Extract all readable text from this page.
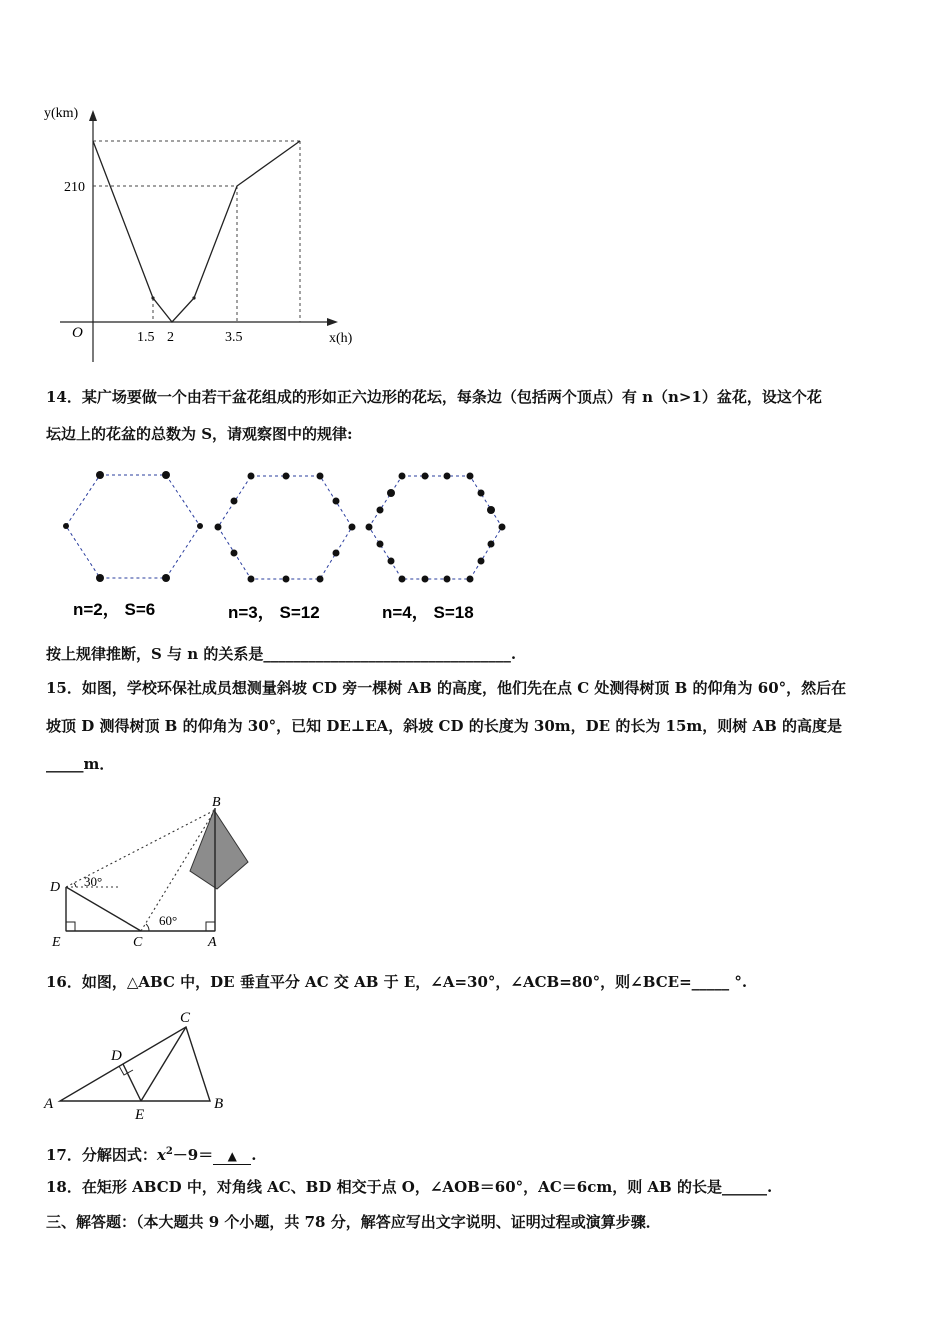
y(km)
x(h)
O
210
1.5 2	3.5
14．某广场要做一个由若干盆花组成的形如正六边形的花坛，每条边（包括两个顶点）有 n（n>1）盆花，设这个花
坛边上的花盆的总数为 S，请观察图中的规律:
n=2， S=6	n=3， S=12	n=4， S=18
按上规律推断，S 与 n 的关系是_________________________________.
15．如图，学校环保社成员想测量斜坡 CD 旁一棵树 AB 的高度，他们先在点 C 处测得树顶 B 的仰角为 60°，然后在
坡顶 D 测得树顶 B 的仰角为 30°，已知 DE⊥EA，斜坡 CD 的长度为 30m，DE 的长为 15m，则树 AB 的高度是
_____m．
B
D
E	C	A
30°
60°
16．如图，△ABC 中，DE 垂直平分 AC 交 AB 于 E，∠A=30°，∠ACB=80°，则∠BCE=_____ °.
A	B
C
D
E
17．分解因式：$x^2-9=$ ▲ .
18．在矩形 ABCD 中，对角线 AC、BD 相交于点 O，∠AOB＝60°，AC＝6cm，则 AB 的长是______.
三、解答题：（本大题共 9 个小题，共 78 分，解答应写出文字说明、证明过程或演算步骤．
